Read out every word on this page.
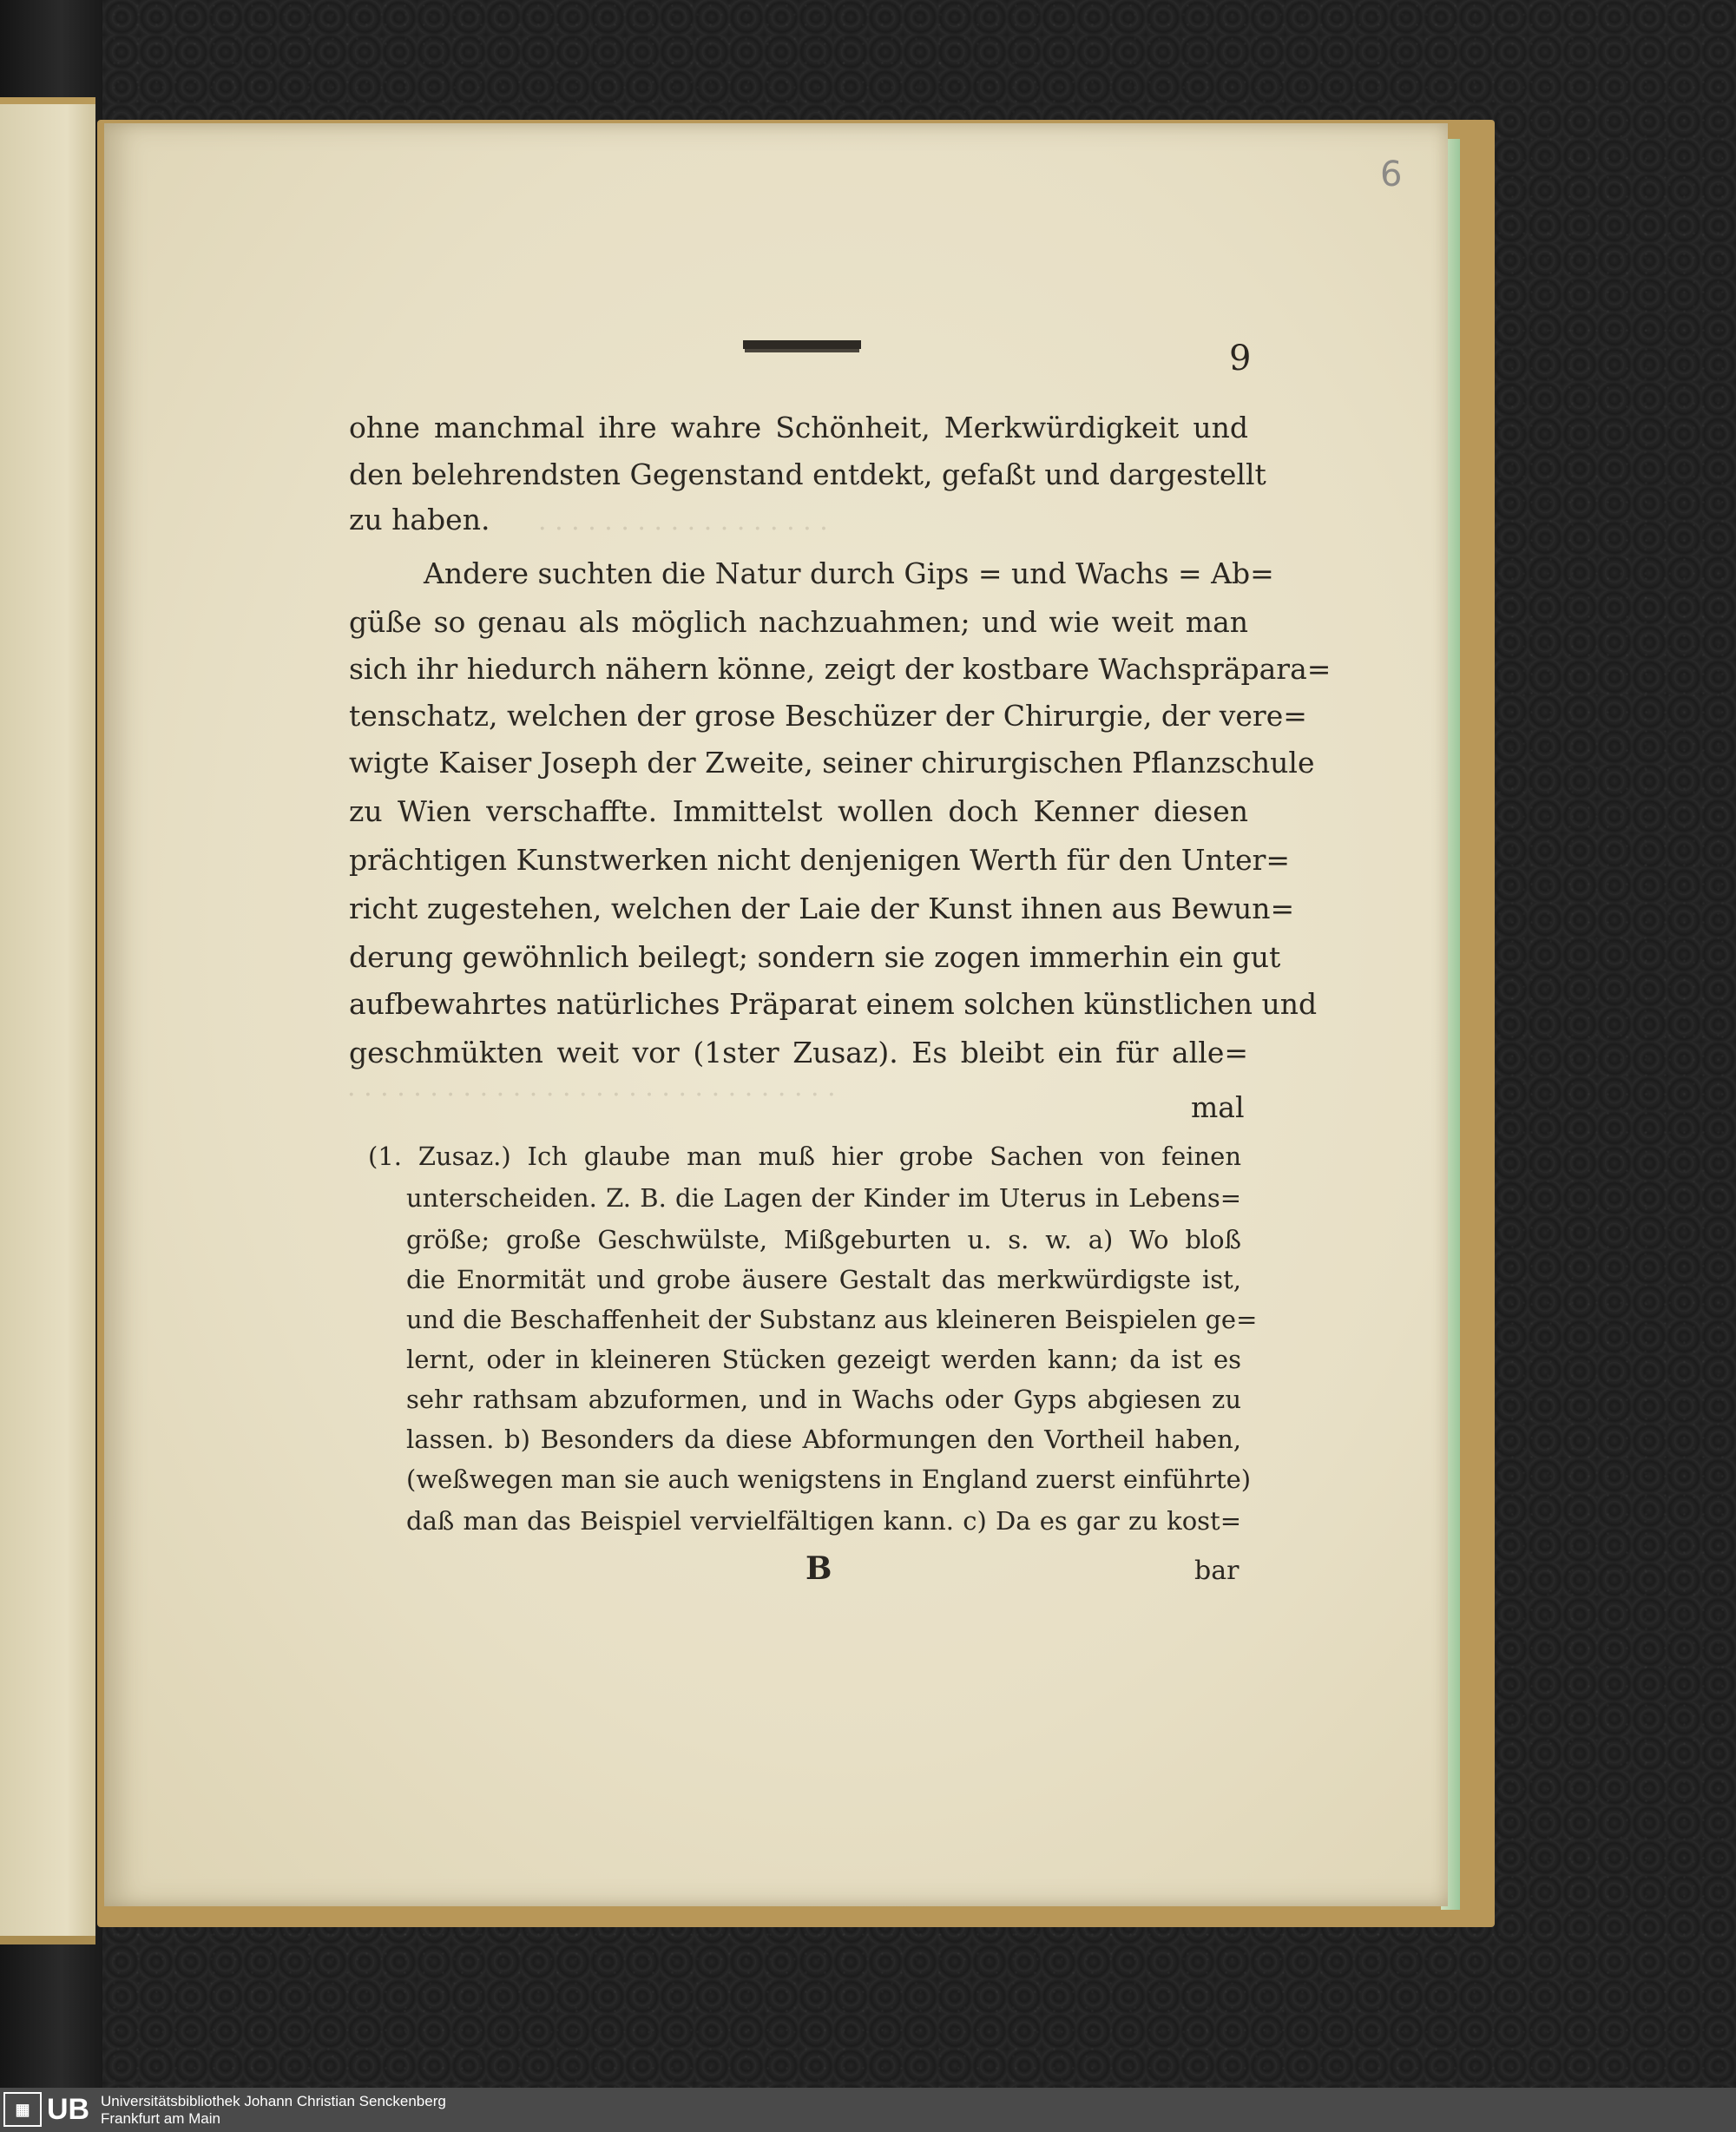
6
9
· · · · · · · · · · · · · · · · · ·
· · · · · · · · · · · · · · · · · · · · · · · · · · · · · ·

ohne manchmal ihre wahre Schönheit, Merkwürdigkeit und

den belehrendsten Gegenstand entdekt, gefaßt und dargestellt

zu haben.

Andere suchten die Natur durch Gips = und Wachs = Ab=

güße so genau als möglich nachzuahmen; und wie weit man

sich ihr hiedurch nähern könne, zeigt der kostbare Wachspräpara=

tenschatz, welchen der grose Beschüzer der Chirurgie, der vere=

wigte Kaiser Joseph der Zweite, seiner chirurgischen Pflanzschule

zu Wien verschaffte. Immittelst wollen doch Kenner diesen

prächtigen Kunstwerken nicht denjenigen Werth für den Unter=

richt zugestehen, welchen der Laie der Kunst ihnen aus Bewun=

derung gewöhnlich beilegt; sondern sie zogen immerhin ein gut

aufbewahrtes natürliches Präparat einem solchen künstlichen und

geschmükten weit vor (1ster Zusaz). Es bleibt ein für alle=

mal

(1. Zusaz.) Ich glaube man muß hier grobe Sachen von feinen

unterscheiden. Z. B. die Lagen der Kinder im Uterus in Lebens=

größe; große Geschwülste, Mißgeburten u. s. w. a) Wo bloß

die Enormität und grobe äusere Gestalt das merkwürdigste ist,

und die Beschaffenheit der Substanz aus kleineren Beispielen ge=

lernt, oder in kleineren Stücken gezeigt werden kann; da ist es

sehr rathsam abzuformen, und in Wachs oder Gyps abgiesen zu

lassen. b) Besonders da diese Abformungen den Vortheil haben,

(weßwegen man sie auch wenigstens in England zuerst einführte)

daß man das Beispiel vervielfältigen kann. c) Da es gar zu kost=

B	bar
▦ UB Universitätsbibliothek Johann Christian Senckenberg
Frankfurt am Main
